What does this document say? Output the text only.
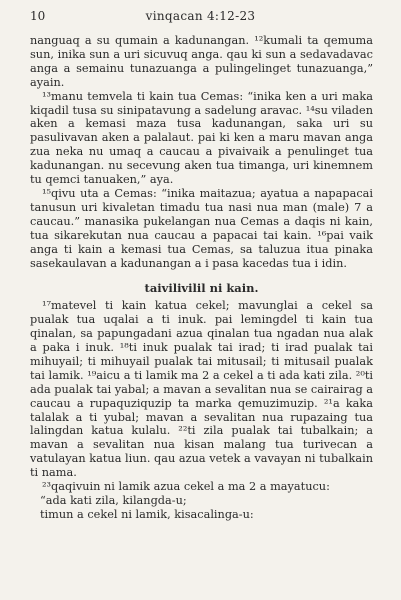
10	vinqacan 4:12-23

nanguaq a su qumain a kadunangan. ¹²kumali ta qemuma sun, inika sun a uri sicuvuq anga. qau ki sun a sedavadavac anga a semainu tunazuanga a pulingelinget tunazuanga,” ayain.

¹³manu temvela ti kain tua Cemas: “inika ken a uri maka kiqadil tusa su sinipatavung a sadelung aravac. ¹⁴su viladen aken a kemasi maza tusa kadunangan, saka uri su pasulivavan aken a palalaut. pai ki ken a maru mavan anga zua neka nu umaq a caucau a pivaivaik a penulinget tua kadunangan. nu secevung aken tua timanga, uri kinemnem tu qemci tanuaken,” aya.

¹⁵qivu uta a Cemas: “inika maitazua; ayatua a napapacai tanusun uri kivaletan timadu tua nasi nua man (male) 7 a caucau.” manasika pukelangan nua Cemas a daqis ni kain, tua sikarekutan nua caucau a papacai tai kain. ¹⁶pai vaik anga ti kain a kemasi tua Cemas, sa taluzua itua pinaka sasekaulavan a kadunangan a i pasa kacedas tua i idin.

taivilivilil ni kain.

¹⁷matevel ti kain katua cekel; mavunglai a cekel sa pualak tua uqalai a ti inuk. pai lemingdel ti kain tua qinalan, sa papungadani azua qinalan tua ngadan nua alak a paka i inuk. ¹⁸ti inuk pualak tai irad; ti irad pualak tai mihuyail; ti mihuyail pualak tai mitusail; ti mitusail pualak tai lamik. ¹⁹aicu a ti lamik ma 2 a cekel a ti ada kati zila. ²⁰ti ada pualak tai yabal; a mavan a sevalitan nua se cairairag a caucau a rupaquziquzip ta marka qemuzimuzip. ²¹a kaka talalak a ti yubal; mavan a sevalitan nua rupazaing tua lalingdan katua kulalu. ²²ti zila pualak tai tubalkain; a mavan a sevalitan nua kisan malang tua turivecan a vatulayan katua liun. qau azua vetek a vavayan ni tubalkain ti nama.

²³qaqivuin ni lamik azua cekel a ma 2 a mayatucu:

“ada kati zila, kilangda-u;

timun a cekel ni lamik, kisacalinga-u:
